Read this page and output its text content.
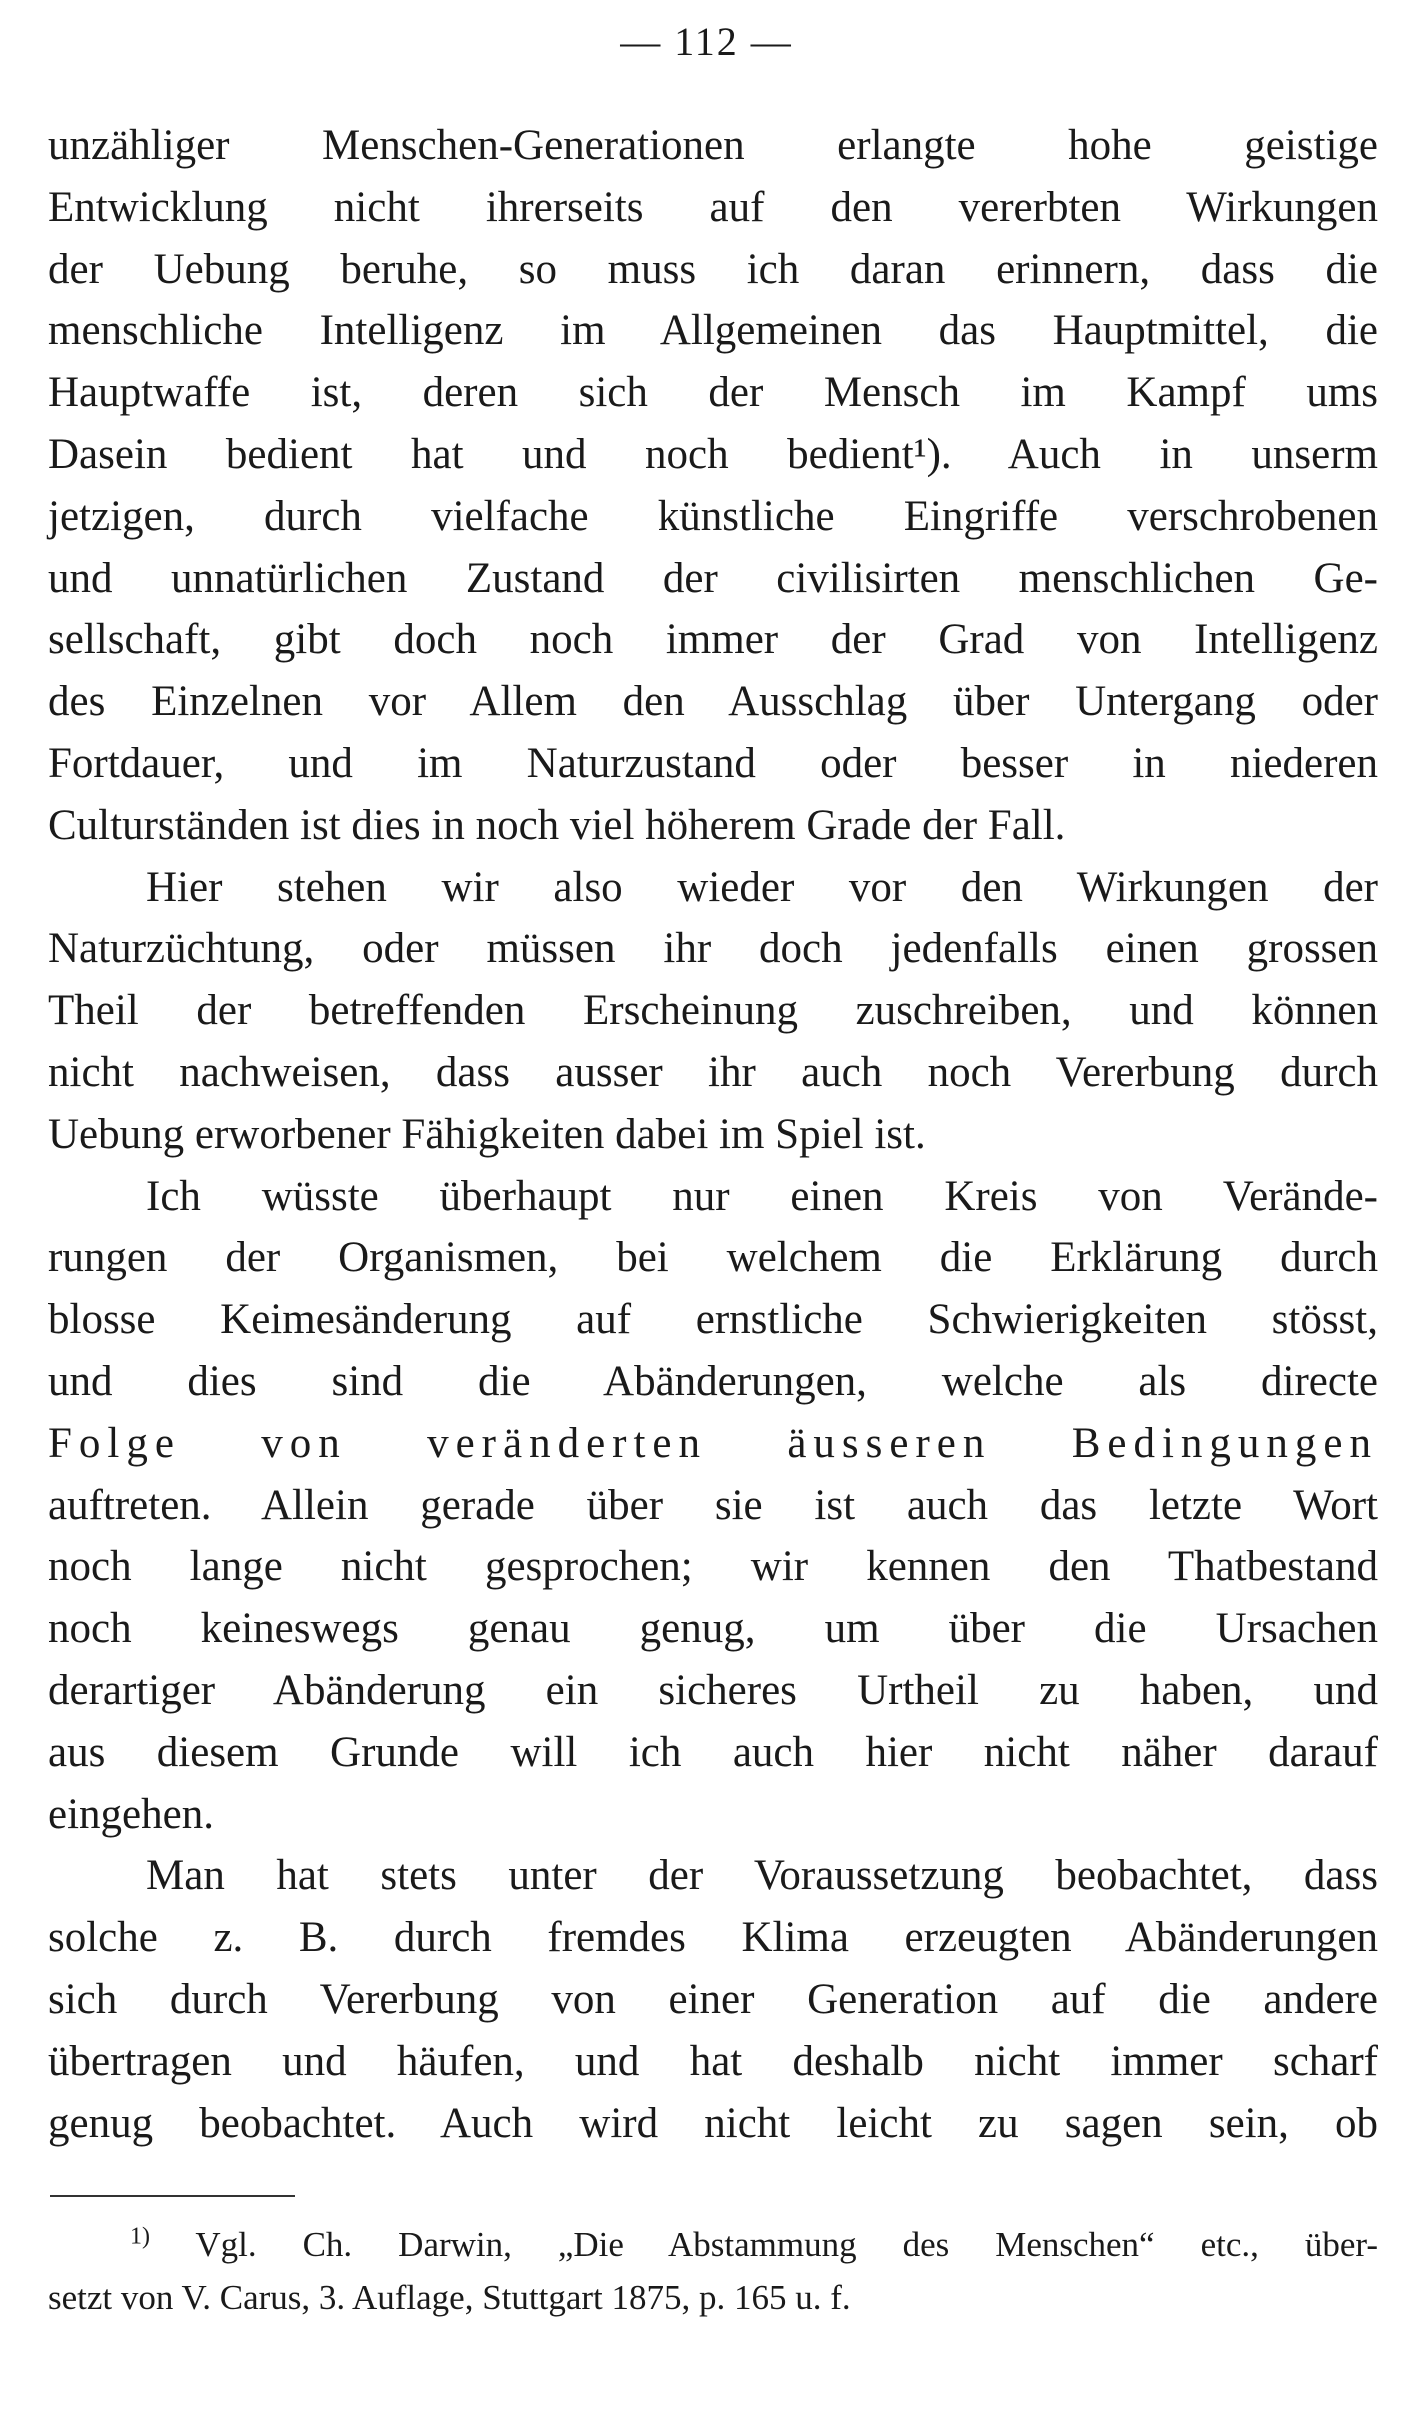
— 112 —

unzähliger Menschen-Generationen erlangte hohe geistige

Entwicklung nicht ihrerseits auf den vererbten Wirkungen

der Uebung beruhe, so muss ich daran erinnern, dass die

menschliche Intelligenz im Allgemeinen das Hauptmittel, die

Hauptwaffe ist, deren sich der Mensch im Kampf ums

Dasein bedient hat und noch bedient¹). Auch in unserm

jetzigen, durch vielfache künstliche Eingriffe verschrobenen

und unnatürlichen Zustand der civilisirten menschlichen Ge-

sellschaft, gibt doch noch immer der Grad von Intelligenz

des Einzelnen vor Allem den Ausschlag über Untergang oder

Fortdauer, und im Naturzustand oder besser in niederen

Culturständen ist dies in noch viel höherem Grade der Fall.

Hier stehen wir also wieder vor den Wirkungen der

Naturzüchtung, oder müssen ihr doch jedenfalls einen grossen

Theil der betreffenden Erscheinung zuschreiben, und können

nicht nachweisen, dass ausser ihr auch noch Vererbung durch

Uebung erworbener Fähigkeiten dabei im Spiel ist.

Ich wüsste überhaupt nur einen Kreis von Verände-

rungen der Organismen, bei welchem die Erklärung durch

blosse Keimesänderung auf ernstliche Schwierigkeiten stösst,

und dies sind die Abänderungen, welche als directe

Folge von veränderten äusseren Bedingungen

auftreten. Allein gerade über sie ist auch das letzte Wort

noch lange nicht gesprochen; wir kennen den Thatbestand

noch keineswegs genau genug, um über die Ursachen

derartiger Abänderung ein sicheres Urtheil zu haben, und

aus diesem Grunde will ich auch hier nicht näher darauf

eingehen.

Man hat stets unter der Voraussetzung beobachtet, dass

solche z. B. durch fremdes Klima erzeugten Abänderungen

sich durch Vererbung von einer Generation auf die andere

übertragen und häufen, und hat deshalb nicht immer scharf

genug beobachtet. Auch wird nicht leicht zu sagen sein, ob

$^{1)}$ Vgl. Ch. Darwin, „Die Abstammung des Menschen“ etc., über-

setzt von V. Carus, 3. Auflage, Stuttgart 1875, p. 165 u. f.
